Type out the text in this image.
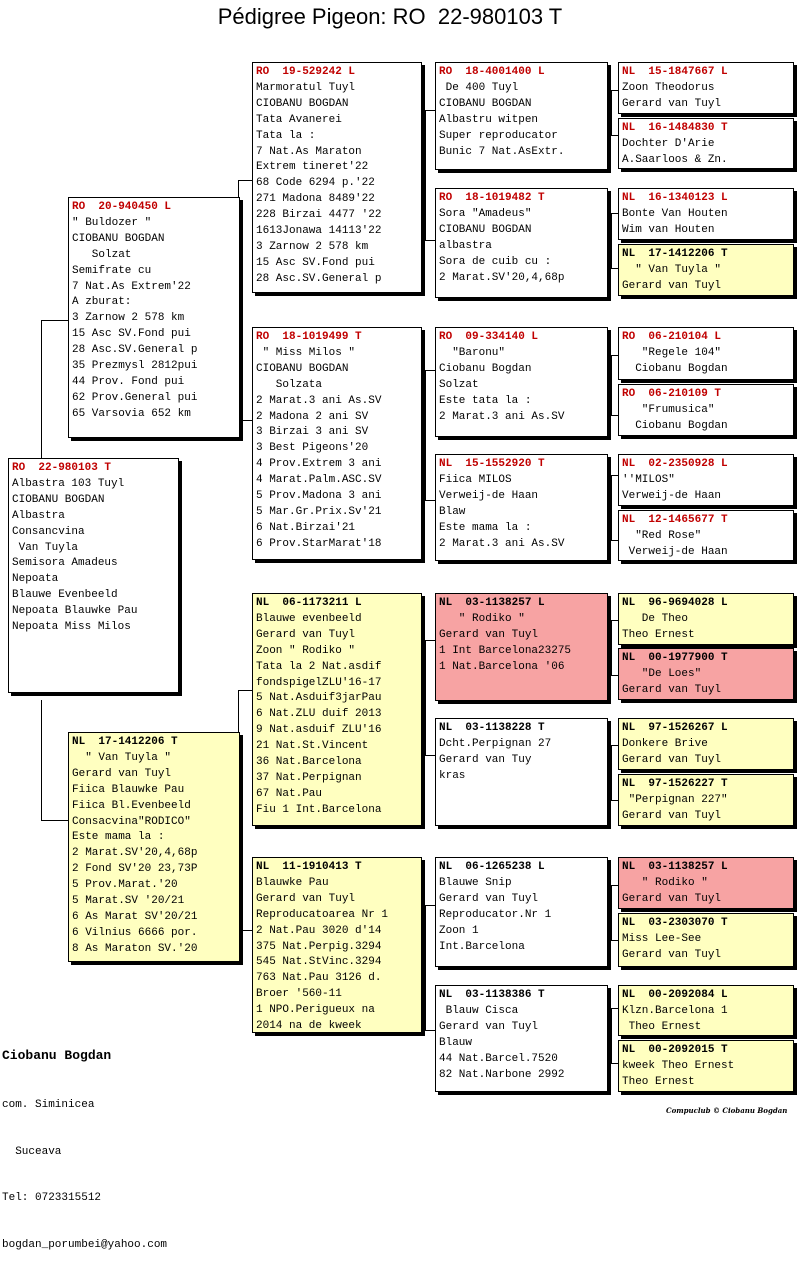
Pédigree Pigeon: RO  22-980103 T
RO  22-980103 T
Albastra 103 Tuyl
CIOBANU BOGDAN
Albastra
Consancvina
Van Tuyla
Semisora Amadeus
Nepoata
Blauwe Evenbeeld
Nepoata Blauwke Pau
Nepoata Miss Milos
RO  20-940450 L
" Buldozer "
CIOBANU BOGDAN
Solzat
Semifrate cu
7 Nat.As Extrem'22
A zburat:
3 Zarnow 2 578 km
15 Asc SV.Fond pui
28 Asc.SV.General p
35 Prezmysl 2812pui
44 Prov. Fond pui
62 Prov.General pui
65 Varsovia 652 km
NL  17-1412206 T
" Van Tuyla "
Gerard van Tuyl
Fiica Blauwke Pau
Fiica Bl.Evenbeeld
Consacvina"RODICO"
Este mama la :
2 Marat.SV'20,4,68p
2 Fond SV'20 23,73P
5 Prov.Marat.'20
5 Marat.SV '20/21
6 As Marat SV'20/21
6 Vilnius 6666 por.
8 As Maraton SV.'20
RO  19-529242 L
Marmoratul Tuyl
CIOBANU BOGDAN
Tata Avanerei
Tata la :
7 Nat.As Maraton
Extrem tineret'22
68 Code 6294 p.'22
271 Madona 8489'22
228 Birzai 4477 '22
1613Jonawa 14113'22
3 Zarnow 2 578 km
15 Asc SV.Fond pui
28 Asc.SV.General p
RO  18-1019499 T
" Miss Milos "
CIOBANU BOGDAN
Solzata
2 Marat.3 ani As.SV
2 Madona 2 ani SV
3 Birzai 3 ani SV
3 Best Pigeons'20
4 Prov.Extrem 3 ani
4 Marat.Palm.ASC.SV
5 Prov.Madona 3 ani
5 Mar.Gr.Prix.Sv'21
6 Nat.Birzai'21
6 Prov.StarMarat'18
NL  06-1173211 L
Blauwe evenbeeld
Gerard van Tuyl
Zoon " Rodiko "
Tata la 2 Nat.asdif
fondspigelZLU'16-17
5 Nat.Asduif3jarPau
6 Nat.ZLU duif 2013
9 Nat.asduif ZLU'16
21 Nat.St.Vincent
36 Nat.Barcelona
37 Nat.Perpignan
67 Nat.Pau
Fiu 1 Int.Barcelona
NL  11-1910413 T
Blauwke Pau
Gerard van Tuyl
Reproducatoarea Nr 1
2 Nat.Pau 3020 d'14
375 Nat.Perpig.3294
545 Nat.StVinc.3294
763 Nat.Pau 3126 d.
Broer '560-11
1 NPO.Perigueux na
2014 na de kweek
RO  18-4001400 L
De 400 Tuyl
CIOBANU BOGDAN
Albastru witpen
Super reproducator
Bunic 7 Nat.AsExtr.
RO  18-1019482 T
Sora "Amadeus"
CIOBANU BOGDAN
albastra
Sora de cuib cu :
2 Marat.SV'20,4,68p
RO  09-334140 L
"Baronu"
Ciobanu Bogdan
Solzat
Este tata la :
2 Marat.3 ani As.SV
NL  15-1552920 T
Fiica MILOS
Verweij-de Haan
Blaw
Este mama la :
2 Marat.3 ani As.SV
NL  03-1138257 L
" Rodiko "
Gerard van Tuyl
1 Int Barcelona23275
1 Nat.Barcelona '06
NL  03-1138228 T
Dcht.Perpignan 27
Gerard van Tuy
kras
NL  06-1265238 L
Blauwe Snip
Gerard van Tuyl
Reproducator.Nr 1
Zoon 1
Int.Barcelona
NL  03-1138386 T
Blauw Cisca
Gerard van Tuyl
Blauw
44 Nat.Barcel.7520
82 Nat.Narbone 2992
NL  15-1847667 L
Zoon Theodorus
Gerard van Tuyl
NL  16-1484830 T
Dochter D'Arie
A.Saarloos & Zn.
NL  16-1340123 L
Bonte Van Houten
Wim van Houten
NL  17-1412206 T
" Van Tuyla "
Gerard van Tuyl
RO  06-210104 L
"Regele 104"
Ciobanu Bogdan
RO  06-210109 T
"Frumusica"
Ciobanu Bogdan
NL  02-2350928 L
''MILOS"
Verweij-de Haan
NL  12-1465677 T
"Red Rose"
Verweij-de Haan
NL  96-9694028 L
De Theo
Theo Ernest
NL  00-1977900 T
"De Loes"
Gerard van Tuyl
NL  97-1526267 L
Donkere Brive
Gerard van Tuyl
NL  97-1526227 T
"Perpignan 227"
Gerard van Tuyl
NL  03-1138257 L
" Rodiko "
Gerard van Tuyl
NL  03-2303070 T
Miss Lee-See
Gerard van Tuyl
NL  00-2092084 L
Klzn.Barcelona 1
Theo Ernest
NL  00-2092015 T
kweek Theo Ernest
Theo Ernest

Ciobanu Bogdan

com. Siminicea

Suceava

Tel: 0723315512

bogdan_porumbei@yahoo.com

Compuclub © Ciobanu Bogdan
